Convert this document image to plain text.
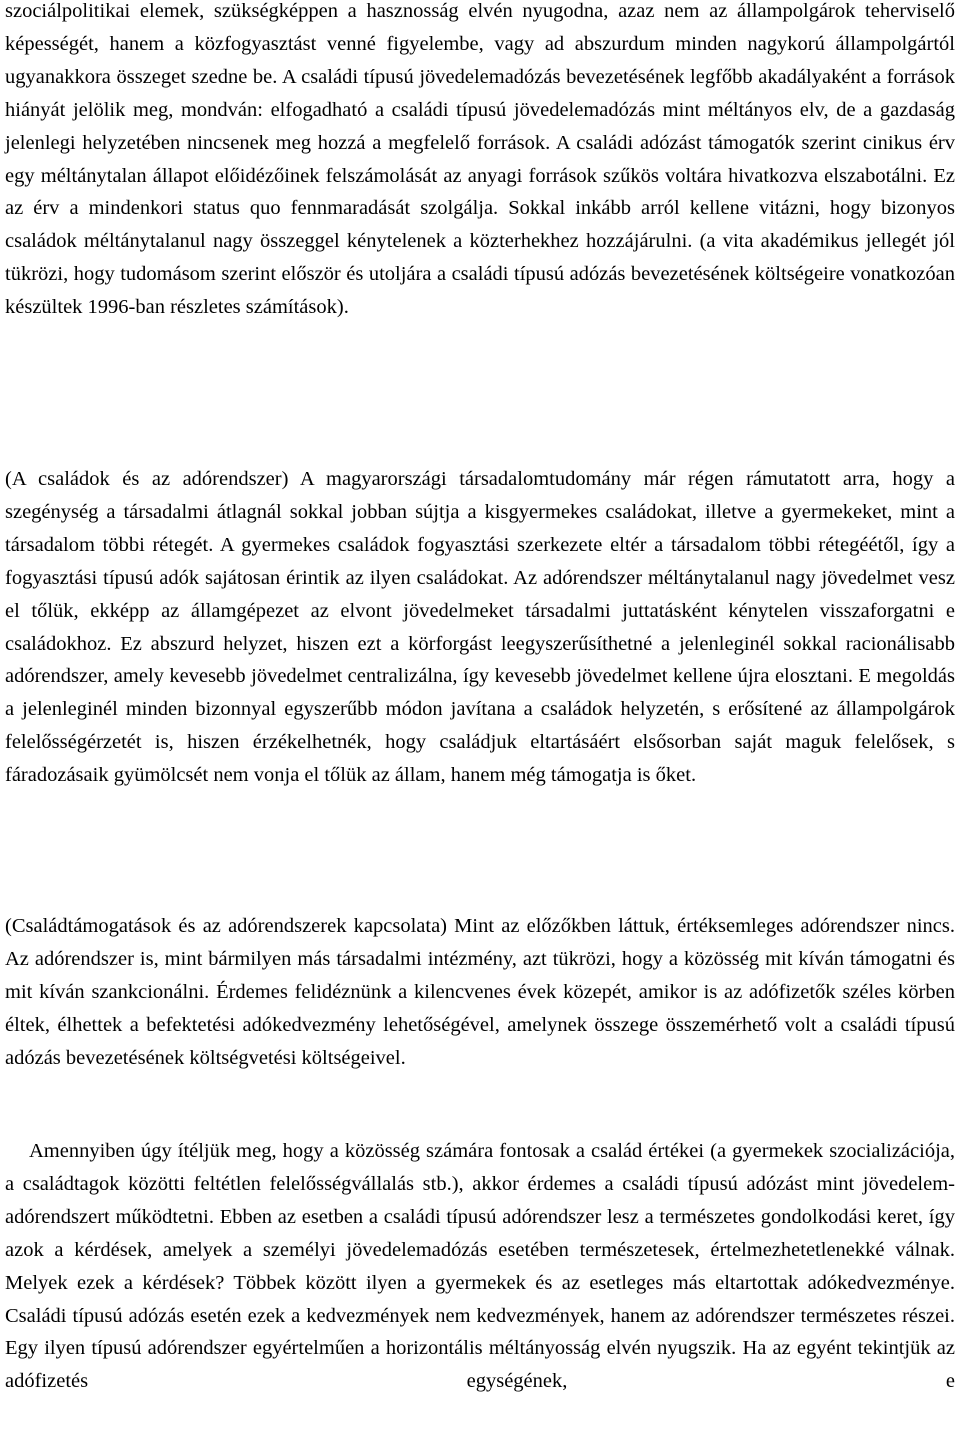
szociálpolitikai elemek, szükségképpen a hasznosság elvén nyugodna, azaz nem az állampolgárok teherviselő képességét, hanem a közfogyasztást venné figyelembe, vagy ad abszurdum minden nagykorú állampolgártól ugyanakkora összeget szedne be. A családi típusú jövedelemadózás bevezetésének legfőbb akadályaként a források hiányát jelölik meg, mondván: elfogadható a családi típusú jövedelemadózás mint méltányos elv, de a gazdaság jelenlegi helyzetében nincsenek meg hozzá a megfelelő források. A családi adózást támogatók szerint cinikus érv egy méltánytalan állapot előidézőinek felszámolását az anyagi források szűkös voltára hivatkozva elszabotálni. Ez az érv a mindenkori status quo fennmaradását szolgálja. Sokkal inkább arról kellene vitázni, hogy bizonyos családok méltánytalanul nagy összeggel kénytelenek a közterhekhez hozzájárulni. (a vita akadémikus jellegét jól tükrözi, hogy tudomásom szerint először és utoljára a családi típusú adózás bevezetésének költségeire vonatkozóan készültek 1996-ban részletes számítások).

(A családok és az adórendszer) A magyarországi társadalomtudomány már régen rámutatott arra, hogy a szegénység a társadalmi átlagnál sokkal jobban sújtja a kisgyermekes családokat, illetve a gyermekeket, mint a társadalom többi rétegét. A gyermekes családok fogyasztási szerkezete eltér a társadalom többi rétegéétől, így a fogyasztási típusú adók sajátosan érintik az ilyen családokat. Az adórendszer méltánytalanul nagy jövedelmet vesz el tőlük, ekképp az államgépezet az elvont jövedelmeket társadalmi juttatásként kénytelen visszaforgatni e családokhoz. Ez abszurd helyzet, hiszen ezt a körforgást leegyszerűsíthetné a jelenleginél sokkal racionálisabb adórendszer, amely kevesebb jövedelmet centralizálna, így kevesebb jövedelmet kellene újra elosztani. E megoldás a jelenleginél minden bizonnyal egyszerűbb módon javítana a családok helyzetén, s erősítené az állampolgárok felelősségérzetét is, hiszen érzékelhetnék, hogy családjuk eltartásáért elsősorban saját maguk felelősek, s fáradozásaik gyümölcsét nem vonja el tőlük az állam, hanem még támogatja is őket.

(Családtámogatások és az adórendszerek kapcsolata) Mint az előzőkben láttuk, értéksemleges adórendszer nincs. Az adórendszer is, mint bármilyen más társadalmi intézmény, azt tükrözi, hogy a közösség mit kíván támogatni és mit kíván szankcionálni. Érdemes felidéznünk a kilencvenes évek közepét, amikor is az adófizetők széles körben éltek, élhettek a befektetési adókedvezmény lehetőségével, amelynek összege összemérhető volt a családi típusú adózás bevezetésének költségvetési költségeivel.

Amennyiben úgy ítéljük meg, hogy a közösség számára fontosak a család értékei (a gyermekek szocializációja, a családtagok közötti feltétlen felelősségvállalás stb.), akkor érdemes a családi típusú adózást mint jövedelem-adórendszert működtetni. Ebben az esetben a családi típusú adórendszer lesz a természetes gondolkodási keret, így azok a kérdések, amelyek a személyi jövedelemadózás esetében természetesek, értelmezhetetlenekké válnak. Melyek ezek a kérdések? Többek között ilyen a gyermekek és az esetleges más eltartottak adókedvezménye. Családi típusú adózás esetén ezek a kedvezmények nem kedvezmények, hanem az adórendszer természetes részei. Egy ilyen típusú adórendszer egyértelműen a horizontális méltányosság elvén nyugszik. Ha az egyént tekintjük az adófizetés egységének, e
